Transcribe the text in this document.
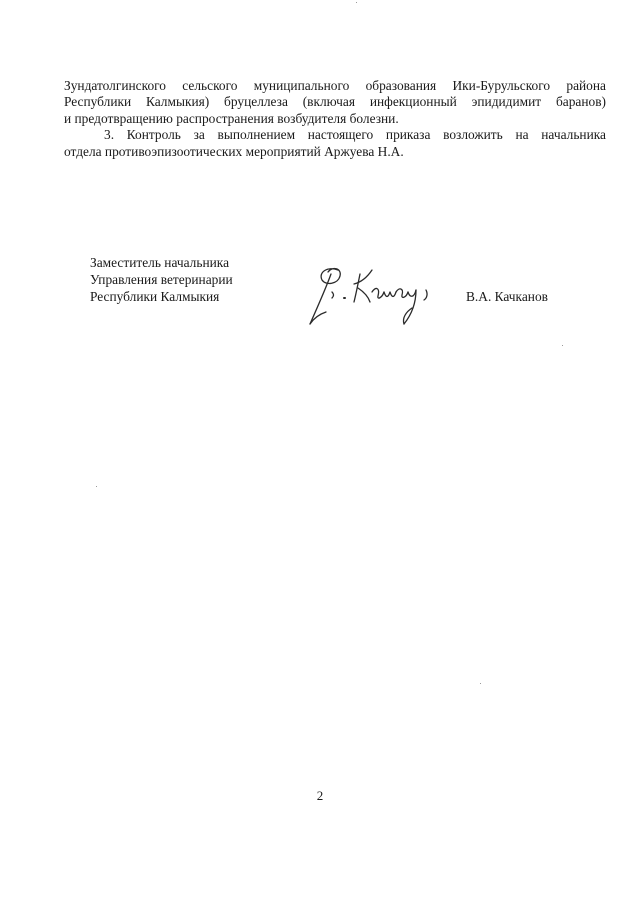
Зундатолгинского сельского муниципального образования Ики-Бурульского района
Республики Калмыкия) бруцеллеза (включая инфекционный эпидидимит баранов)
и предотвращению распространения возбудителя болезни.

3. Контроль за выполнением настоящего приказа возложить на начальника
отдела противоэпизоотических мероприятий Аржуева Н.А.

Заместитель начальника
Управления ветеринарии
Республики Калмыкия	В.А. Качканов
2
